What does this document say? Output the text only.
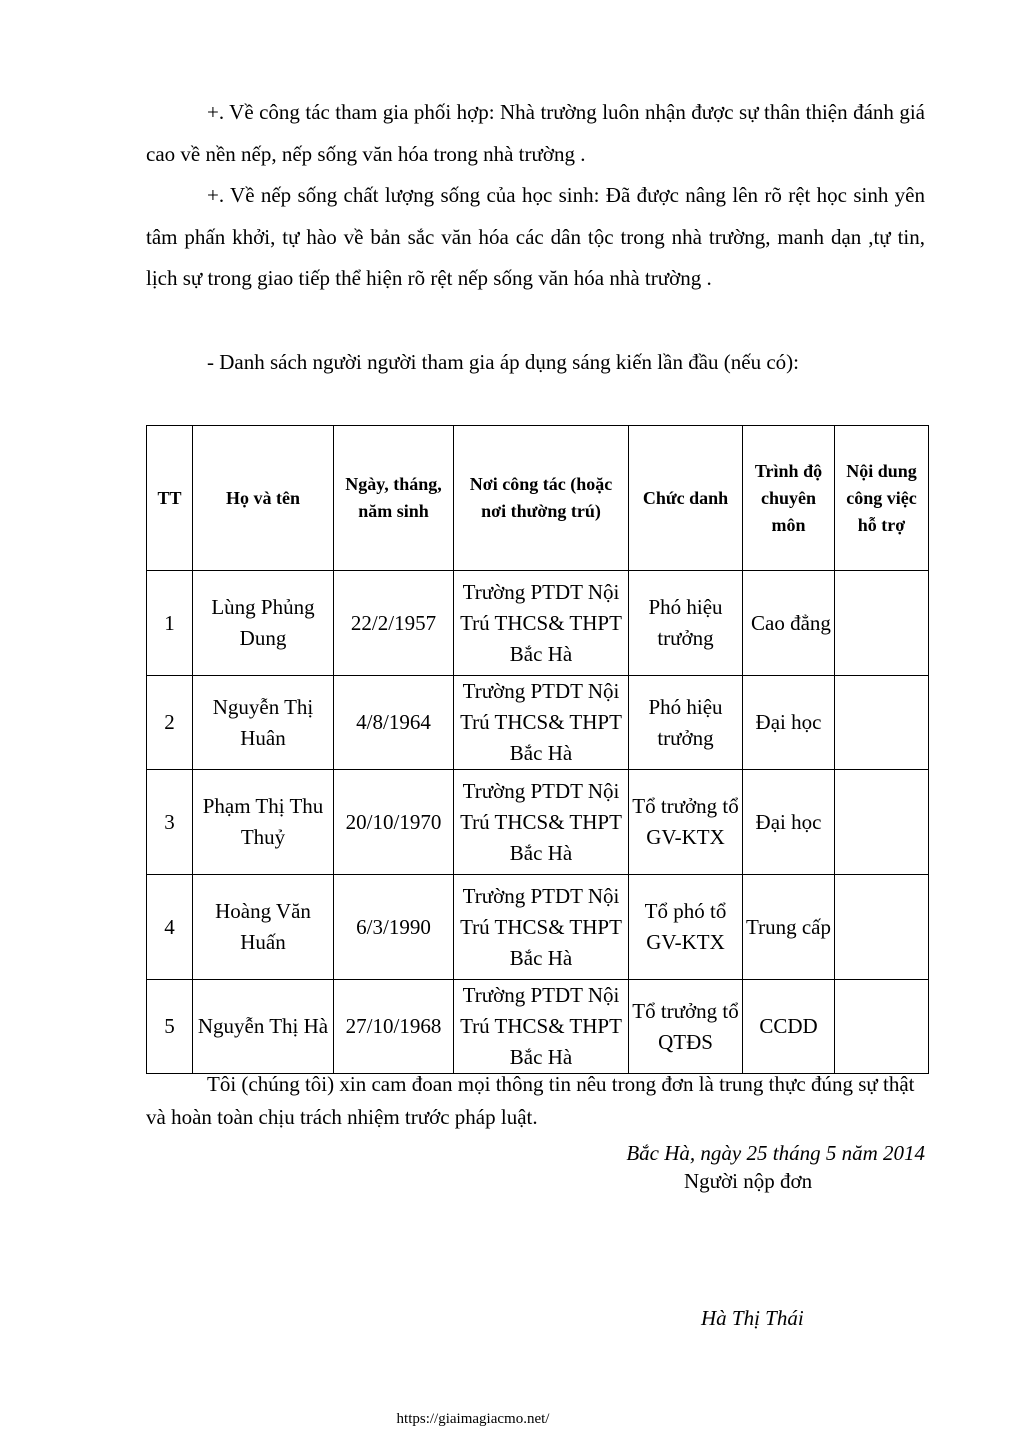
+. Về công tác tham gia phối hợp: Nhà trường luôn nhận được sự thân thiện đánh giá cao về nền nếp, nếp sống văn hóa trong nhà trường .

+. Về nếp sống chất lượng sống của học sinh: Đã được nâng lên rõ rệt học sinh yên tâm phấn khởi, tự hào về bản sắc văn hóa các dân tộc trong nhà trường, manh dạn ,tự tin, lịch sự trong giao tiếp thể hiện rõ rệt nếp sống văn hóa nhà trường .

- Danh sách người người tham gia áp dụng sáng kiến lần đầu (nếu có):

TT	Họ và tên	Ngày, tháng, năm sinh	Nơi công tác (hoặc nơi thường trú)	Chức danh	Trình độ chuyên môn	Nội dung công việc hỗ trợ
1	Lùng Phủng Dung	22/2/1957	Trường PTDT Nội Trú THCS& THPT Bắc Hà	Phó hiệu trưởng	Cao đẳng	
2	Nguyễn Thị Huân	4/8/1964	Trường PTDT Nội Trú THCS& THPT Bắc Hà	Phó hiệu trưởng	Đại học	
3	Phạm Thị Thu Thuỷ	20/10/1970	Trường PTDT Nội Trú THCS& THPT Bắc Hà	Tổ trưởng tổ GV-KTX	Đại học	
4	Hoàng Văn Huấn	6/3/1990	Trường PTDT Nội Trú THCS& THPT Bắc Hà	Tổ phó tổ GV-KTX	Trung cấp	
5	Nguyễn Thị Hà	27/10/1968	Trường PTDT Nội Trú THCS& THPT Bắc Hà	Tổ trưởng tổ QTĐS	CCDD	

Tôi (chúng tôi) xin cam đoan mọi thông tin nêu trong đơn là trung thực đúng sự thật và hoàn toàn chịu trách nhiệm trước pháp luật.

Bắc Hà, ngày 25 tháng 5 năm 2014
Người nộp đơn
Hà Thị Thái
https://giaimagiacmo.net/
